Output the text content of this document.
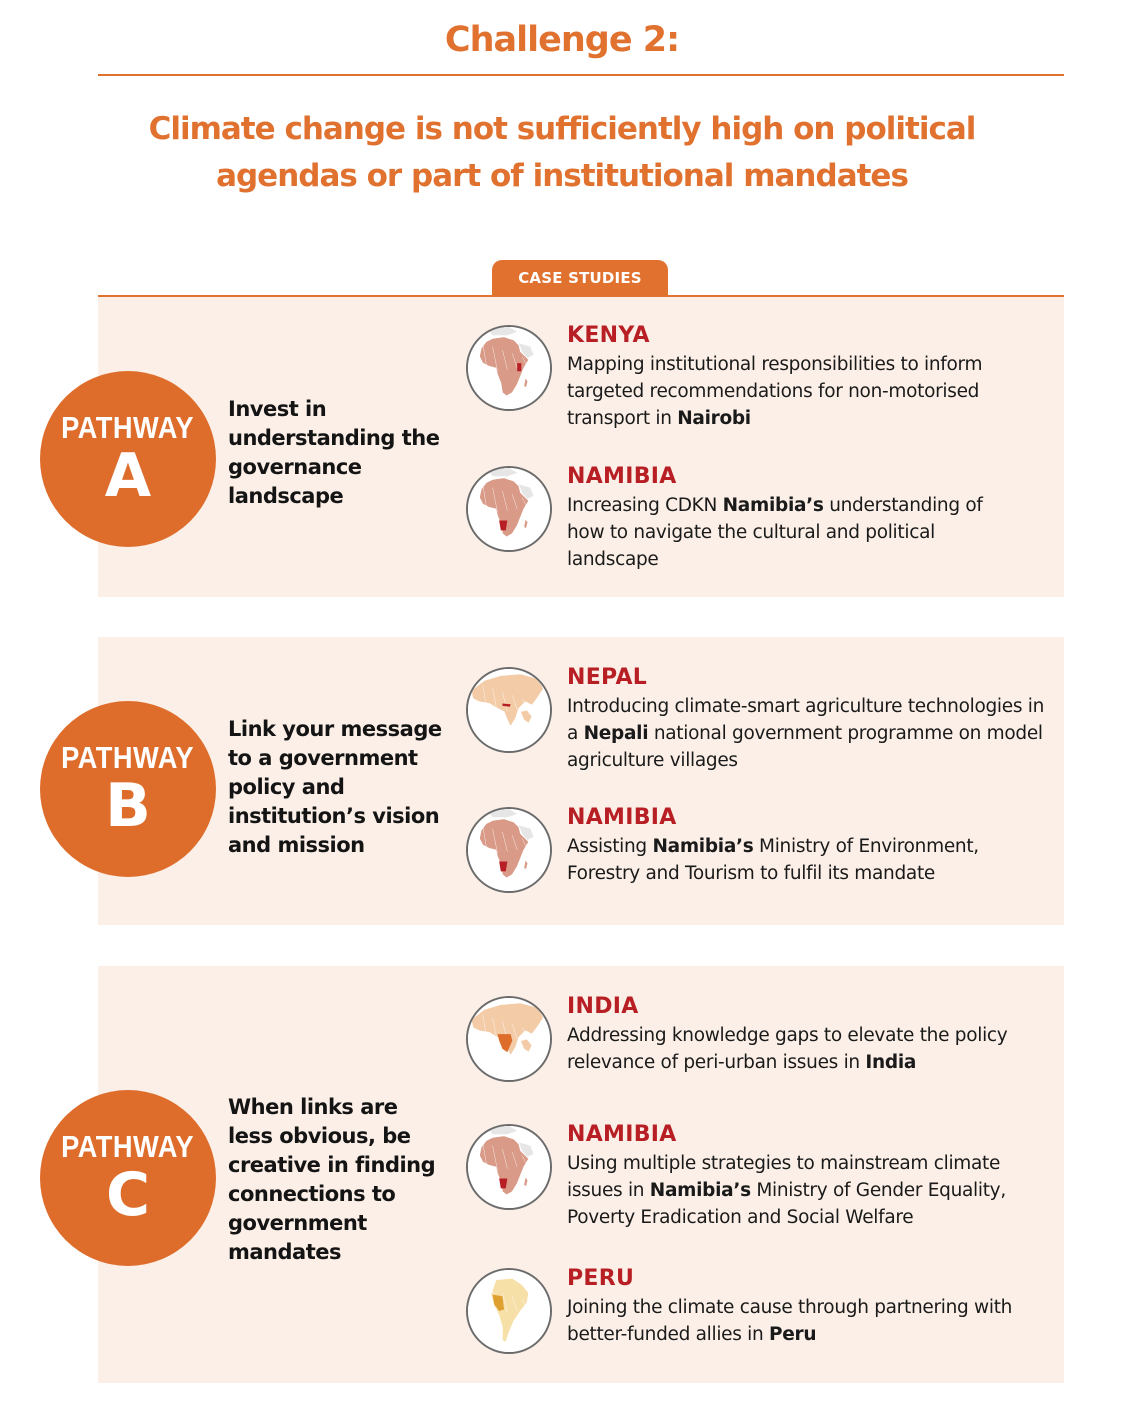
Challenge 2:
Climate change is not sufficiently high on political agendas or part of institutional mandates
CASE STUDIES
PATHWAY
A
Invest in understanding the governance landscape
KENYA
Mapping institutional responsibilities to inform targeted recommendations for non-motorised transport in Nairobi
NAMIBIA
Increasing CDKN Namibia’s understanding of how to navigate the cultural and political landscape
PATHWAY
B
Link your message to a government policy and institution’s vision and mission
NEPAL
Introducing climate-smart agriculture technologies in a Nepali national government programme on model agriculture villages
NAMIBIA
Assisting Namibia’s Ministry of Environment, Forestry and Tourism to fulfil its mandate
PATHWAY
C
When links are less obvious, be creative in finding connections to government mandates
INDIA
Addressing knowledge gaps to elevate the policy relevance of peri-urban issues in India
NAMIBIA
Using multiple strategies to mainstream climate issues in Namibia’s Ministry of Gender Equality, Poverty Eradication and Social Welfare
PERU
Joining the climate cause through partnering with better-funded allies in Peru
